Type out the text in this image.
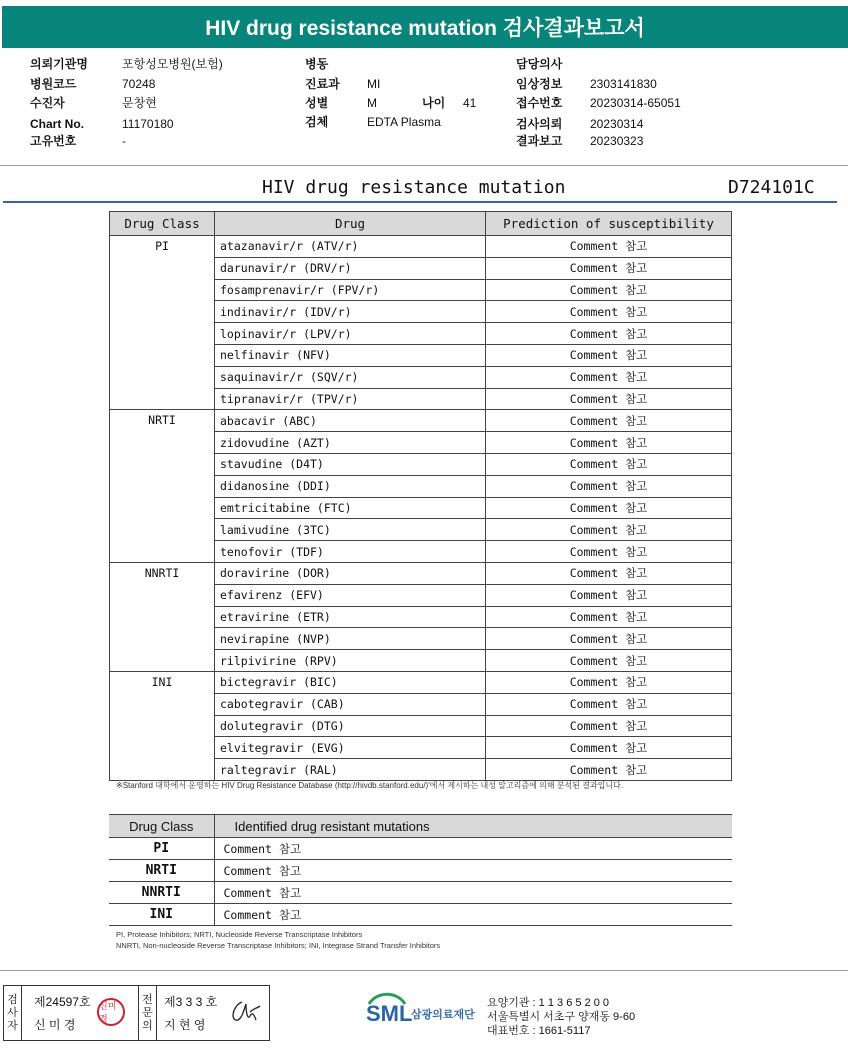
HIV drug resistance mutation 검사결과보고서
의뢰기관명	포항성모병원(보험)
병원코드	70248
수진자	문창현
Chart No.	11170180
고유번호	-
병동
진료과 MI
성별	M	나이 41
검체	EDTA Plasma
담당의사
임상정보 2303141830
접수번호 20230314-65051
검사의뢰 20230314
결과보고 20230323
HIV drug resistance mutation	D724101C
Drug Class	Drug	Prediction of susceptibility
PI	atazanavir/r (ATV/r)	Comment 참고
	darunavir/r (DRV/r)	Comment 참고
	fosamprenavir/r (FPV/r)	Comment 참고
	indinavir/r (IDV/r)	Comment 참고
	lopinavir/r (LPV/r)	Comment 참고
	nelfinavir (NFV)	Comment 참고
	saquinavir/r (SQV/r)	Comment 참고
	tipranavir/r (TPV/r)	Comment 참고
NRTI	abacavir (ABC)	Comment 참고
	zidovudine (AZT)	Comment 참고
	stavudine (D4T)	Comment 참고
	didanosine (DDI)	Comment 참고
	emtricitabine (FTC)	Comment 참고
	lamivudine (3TC)	Comment 참고
	tenofovir (TDF)	Comment 참고
NNRTI	doravirine (DOR)	Comment 참고
	efavirenz (EFV)	Comment 참고
	etravirine (ETR)	Comment 참고
	nevirapine (NVP)	Comment 참고
	rilpivirine (RPV)	Comment 참고
INI	bictegravir (BIC)	Comment 참고
	cabotegravir (CAB)	Comment 참고
	dolutegravir (DTG)	Comment 참고
	elvitegravir (EVG)	Comment 참고
	raltegravir (RAL)	Comment 참고
※Stanford 대학에서 운영하는 HIV Drug Resistance Database (http://hivdb.stanford.edu/)'에서 제시하는 내성 알고리즘에 의해 분석된 결과입니다.
Drug Class	Identified drug resistant mutations
PI	Comment 참고
NRTI	Comment 참고
NNRTI	Comment 참고
INI	Comment 참고
PI, Protease Inhibitors; NRTI, Nucleoside Reverse Transcriptase Inhibitors
NNRTI, Non-nucleoside Reverse Transcriptase Inhibitors; INI, Integrase Strand Transfer Inhibitors
검
사
자
제24597호
신 미 경
전
문
의
제3 3 3 호
지 현 영
신미경	SML
삼광의료재단
요양기관 : 1 1 3 6 5 2 0 0
서울특별시 서초구 양재동 9-60
대표번호 : 1661-5117
